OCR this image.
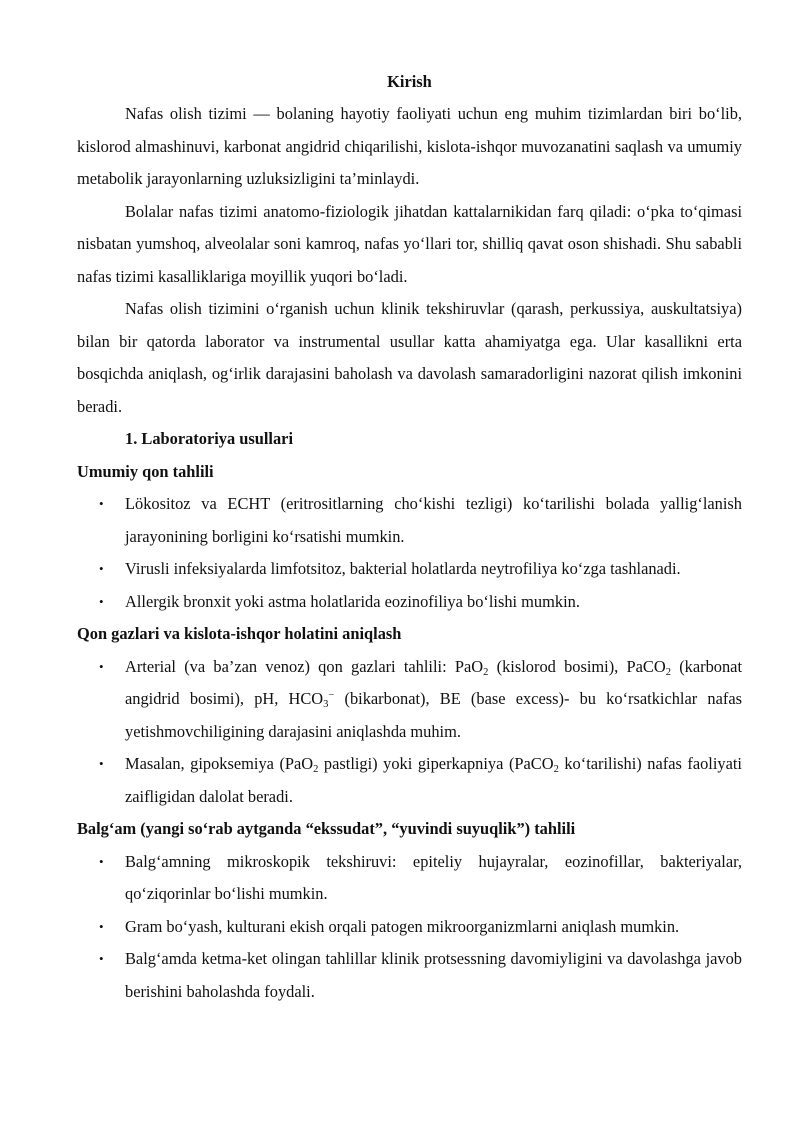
Kirish

Nafas olish tizimi — bolaning hayotiy faoliyati uchun eng muhim tizimlardan biri bo‘lib, kislorod almashinuvi, karbonat angidrid chiqarilishi, kislota-ishqor muvozanatini saqlash va umumiy metabolik jarayonlarning uzluksizligini ta’minlaydi.

Bolalar nafas tizimi anatomo-fiziologik jihatdan kattalarnikidan farq qiladi: o‘pka to‘qimasi nisbatan yumshoq, alveolalar soni kamroq, nafas yo‘llari tor, shilliq qavat oson shishadi. Shu sababli nafas tizimi kasalliklariga moyillik yuqori bo‘ladi.

Nafas olish tizimini o‘rganish uchun klinik tekshiruvlar (qarash, perkussiya, auskultatsiya) bilan bir qatorda laborator va instrumental usullar katta ahamiyatga ega. Ular kasallikni erta bosqichda aniqlash, og‘irlik darajasini baholash va davolash samaradorligini nazorat qilish imkonini beradi.

1. Laboratoriya usullari

Umumiy qon tahlili

• Lökositoz va ECHT (eritrositlarning cho‘kishi tezligi) ko‘tarilishi bolada yallig‘lanish jarayonining borligini ko‘rsatishi mumkin.
• Virusli infeksiyalarda limfotsitoz, bakterial holatlarda neytrofiliya ko‘zga tashlanadi.
• Allergik bronxit yoki astma holatlarida eozinofiliya bo‘lishi mumkin.

Qon gazlari va kislota-ishqor holatini aniqlash

• Arterial (va ba’zan venoz) qon gazlari tahlili: PaO$_2$ (kislorod bosimi), PaCO$_2$ (karbonat angidrid bosimi), pH, $HCO_3^-$ (bikarbonat), BE (base excess)- bu ko‘rsatkichlar nafas yetishmovchiligining darajasini aniqlashda muhim.
• Masalan, gipoksemiya (PaO$_2$ pastligi) yoki giperkapniya (PaCO$_2$ ko‘tarilishi) nafas faoliyati zaifligidan dalolat beradi.

Balg‘am (yangi so‘rab aytganda “ekssudat”, “yuvindi suyuqlik”) tahlili

• Balg‘amning mikroskopik tekshiruvi: epiteliy hujayralar, eozinofillar, bakteriyalar, qo‘ziqorinlar bo‘lishi mumkin.
• Gram bo‘yash, kulturani ekish orqali patogen mikroorganizmlarni aniqlash mumkin.
• Balg‘amda ketma-ket olingan tahlillar klinik protsessning davomiyligini va davolashga javob berishini baholashda foydali.
